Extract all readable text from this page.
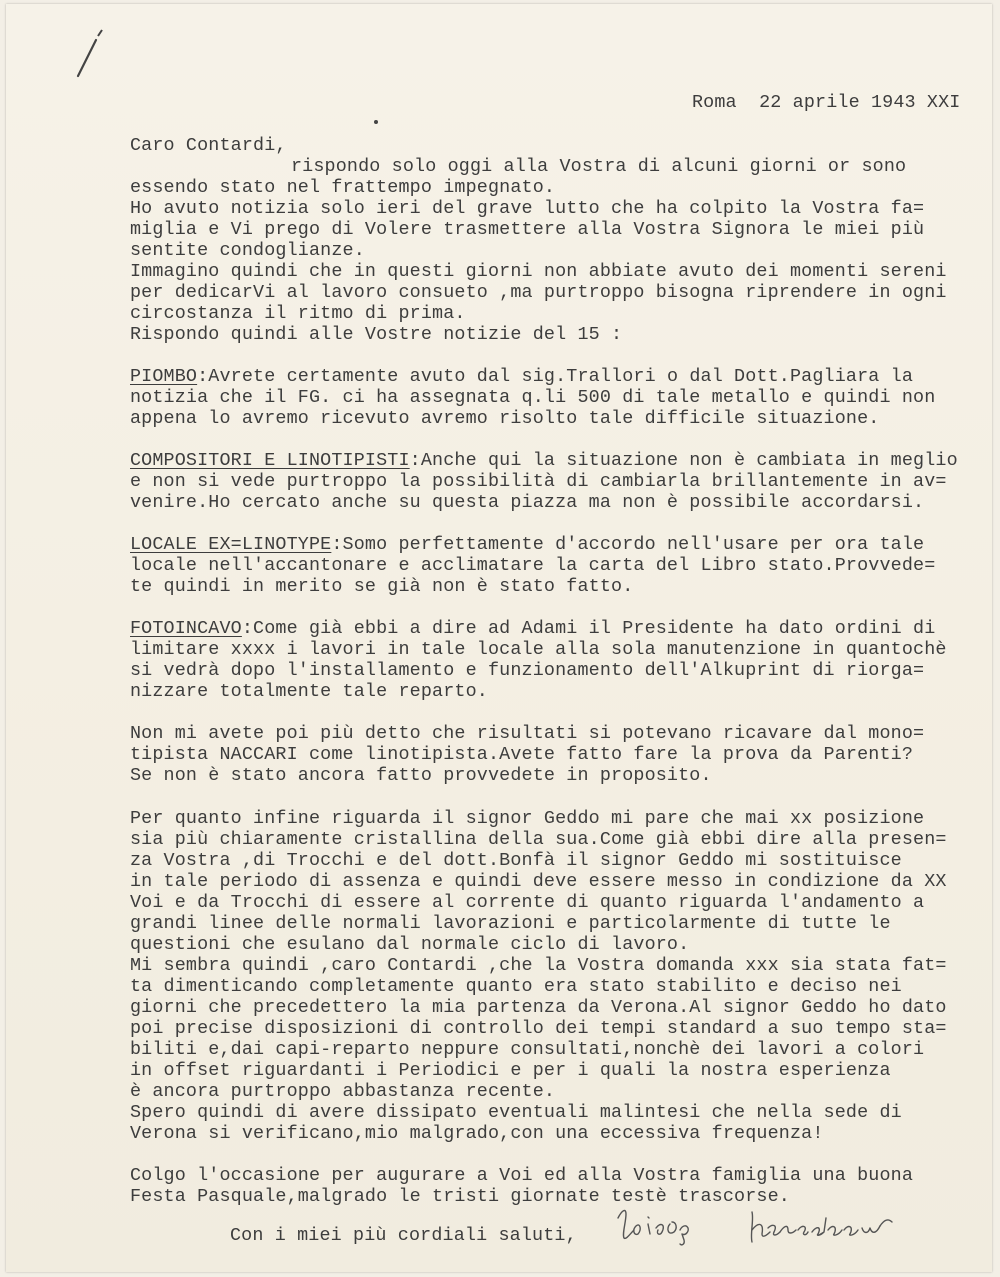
Roma  22 aprile 1943 XXI
Caro Contardi,
rispondo solo oggi alla Vostra di alcuni giorni or sono
essendo stato nel frattempo impegnato.
Ho avuto notizia solo ieri del grave lutto che ha colpito la Vostra fa=
miglia e Vi prego di Volere trasmettere alla Vostra Signora le miei più
sentite condoglianze.
Immagino quindi che in questi giorni non abbiate avuto dei momenti sereni
per dedicarVi al lavoro consueto ,ma purtroppo bisogna riprendere in ogni
circostanza il ritmo di prima.
Rispondo quindi alle Vostre notizie del 15 :
PIOMBO:Avrete certamente avuto dal sig.Trallori o dal Dott.Pagliara la
notizia che il FG. ci ha assegnata q.li 500 di tale metallo e quindi non
appena lo avremo ricevuto avremo risolto tale difficile situazione.
COMPOSITORI E LINOTIPISTI:Anche qui la situazione non è cambiata in meglio
e non si vede purtroppo la possibilità di cambiarla brillantemente in av=
venire.Ho cercato anche su questa piazza ma non è possibile accordarsi.
LOCALE EX=LINOTYPE:Somo perfettamente d'accordo nell'usare per ora tale
locale nell'accantonare e acclimatare la carta del Libro stato.Provvede=
te quindi in merito se già non è stato fatto.
FOTOINCAVO:Come già ebbi a dire ad Adami il Presidente ha dato ordini di
limitare xxxx i lavori in tale locale alla sola manutenzione in quantochè
si vedrà dopo l'installamento e funzionamento dell'Alkuprint di riorga=
nizzare totalmente tale reparto.
Non mi avete poi più detto che risultati si potevano ricavare dal mono=
tipista NACCARI come linotipista.Avete fatto fare la prova da Parenti?
Se non è stato ancora fatto provvedete in proposito.
Per quanto infine riguarda il signor Geddo mi pare che mai xx posizione
sia più chiaramente cristallina della sua.Come già ebbi dire alla presen=
za Vostra ,di Trocchi e del dott.Bonfà il signor Geddo mi sostituisce
in tale periodo di assenza e quindi deve essere messo in condizione da XX
Voi e da Trocchi di essere al corrente di quanto riguarda l'andamento a
grandi linee delle normali lavorazioni e particolarmente di tutte le
questioni che esulano dal normale ciclo di lavoro.
Mi sembra quindi ,caro Contardi ,che la Vostra domanda xxx sia stata fat=
ta dimenticando completamente quanto era stato stabilito e deciso nei
giorni che precedettero la mia partenza da Verona.Al signor Geddo ho dato
poi precise disposizioni di controllo dei tempi standard a suo tempo sta=
biliti e,dai capi-reparto neppure consultati,nonchè dei lavori a colori
in offset riguardanti i Periodici e per i quali la nostra esperienza
è ancora purtroppo abbastanza recente.
Spero quindi di avere dissipato eventuali malintesi che nella sede di
Verona si verificano,mio malgrado,con una eccessiva frequenza!
Colgo l'occasione per augurare a Voi ed alla Vostra famiglia una buona
Festa Pasquale,malgrado le tristi giornate testè trascorse.
Con i miei più cordiali saluti,
